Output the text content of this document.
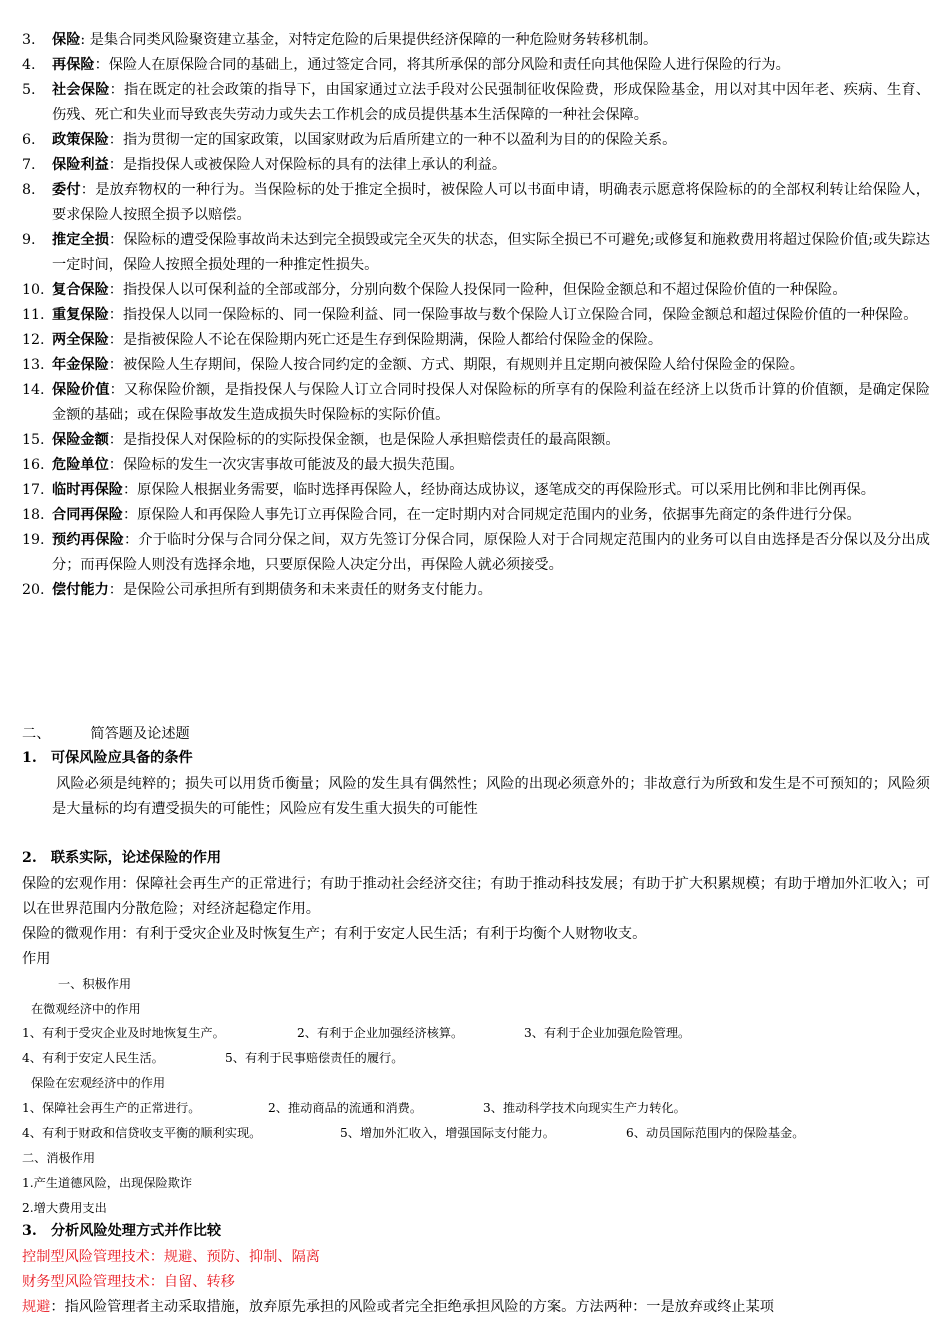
3.	保险: 是集合同类风险聚资建立基金，对特定危险的后果提供经济保障的一种危险财务转移机制。
4.	再保险：保险人在原保险合同的基础上，通过签定合同，将其所承保的部分风险和责任向其他保险人进行保险的行为。
5.	社会保险：指在既定的社会政策的指导下，由国家通过立法手段对公民强制征收保险费，形成保险基金，用以对其中因年老、疾病、生育、伤残、死亡和失业而导致丧失劳动力或失去工作机会的成员提供基本生活保障的一种社会保障。
6.	政策保险：指为贯彻一定的国家政策，以国家财政为后盾所建立的一种不以盈利为目的的保险关系。
7.	保险利益：是指投保人或被保险人对保险标的具有的法律上承认的利益。
8.	委付：是放弃物权的一种行为。当保险标的处于推定全损时，被保险人可以书面申请，明确表示愿意将保险标的的全部权利转让给保险人，要求保险人按照全损予以赔偿。
9.	推定全损：保险标的遭受保险事故尚未达到完全损毁或完全灭失的状态，但实际全损已不可避免;或修复和施救费用将超过保险价值;或失踪达一定时间，保险人按照全损处理的一种推定性损失。
10. 复合保险：指投保人以可保利益的全部或部分，分别向数个保险人投保同一险种，但保险金额总和不超过保险价值的一种保险。
11. 重复保险：指投保人以同一保险标的、同一保险利益、同一保险事故与数个保险人订立保险合同，保险金额总和超过保险价值的一种保险。
12. 两全保险：是指被保险人不论在保险期内死亡还是生存到保险期满，保险人都给付保险金的保险。
13. 年金保险：被保险人生存期间，保险人按合同约定的金额、方式、期限，有规则并且定期向被保险人给付保险金的保险。
14. 保险价值：又称保险价额，是指投保人与保险人订立合同时投保人对保险标的所享有的保险利益在经济上以货币计算的价值额，是确定保险金额的基础；或在保险事故发生造成损失时保险标的实际价值。
15. 保险金额：是指投保人对保险标的的实际投保金额，也是保险人承担赔偿责任的最高限额。
16. 危险单位：保险标的发生一次灾害事故可能波及的最大损失范围。
17. 临时再保险：原保险人根据业务需要，临时选择再保险人，经协商达成协议，逐笔成交的再保险形式。可以采用比例和非比例再保。
18. 合同再保险：原保险人和再保险人事先订立再保险合同，在一定时期内对合同规定范围内的业务，依据事先商定的条件进行分保。
19. 预约再保险：介于临时分保与合同分保之间，双方先签订分保合同，原保险人对于合同规定范围内的业务可以自由选择是否分保以及分出成分；而再保险人则没有选择余地，只要原保险人决定分出，再保险人就必须接受。
20. 偿付能力：是保险公司承担所有到期债务和未来责任的财务支付能力。
二、	简答题及论述题
1. 可保风险应具备的条件
风险必须是纯粹的；损失可以用货币衡量；风险的发生具有偶然性；风险的出现必须意外的；非故意行为所致和发生是不可预知的；风险须是大量标的均有遭受损失的可能性；风险应有发生重大损失的可能性
2. 联系实际，论述保险的作用
保险的宏观作用：保障社会再生产的正常进行；有助于推动社会经济交往；有助于推动科技发展；有助于扩大积累规模；有助于增加外汇收入；可以在世界范围内分散危险；对经济起稳定作用。
保险的微观作用：有利于受灾企业及时恢复生产；有利于安定人民生活；有利于均衡个人财物收支。
作用
一、积极作用
在微观经济中的作用
1、有利于受灾企业及时地恢复生产。	2、有利于企业加强经济核算。	3、有利于企业加强危险管理。
4、有利于安定人民生活。	5、有利于民事赔偿责任的履行。
保险在宏观经济中的作用
1、保障社会再生产的正常进行。	2、推动商品的流通和消费。	3、推动科学技术向现实生产力转化。
4、有利于财政和信贷收支平衡的顺利实现。	5、增加外汇收入，增强国际支付能力。	6、动员国际范围内的保险基金。
二、消极作用
1.产生道德风险，出现保险欺诈
2.增大费用支出
3. 分析风险处理方式并作比较
控制型风险管理技术：规避、预防、抑制、隔离
财务型风险管理技术：自留、转移
规避：指风险管理者主动采取措施，放弃原先承担的风险或者完全拒绝承担风险的方案。方法两种：一是放弃或终止某项
